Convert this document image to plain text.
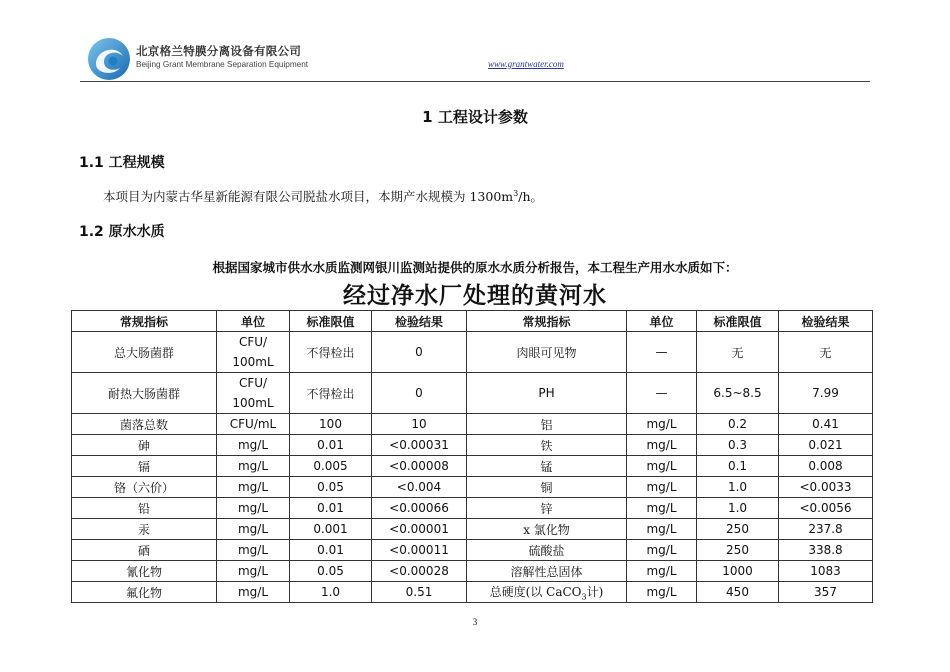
北京格兰特膜分离设备有限公司
Beijing Grant Membrane Separation Equipment	www.grantwater.com
1 工程设计参数
1.1 工程规模
本项目为内蒙古华星新能源有限公司脱盐水项目，本期产水规模为 $1300m^3/h$。
1.2 原水水质
根据国家城市供水水质监测网银川监测站提供的原水水质分析报告，本工程生产用水水质如下：
经过净水厂处理的黄河水
常规指标	单位	标准限值	检验结果	常规指标	单位	标准限值	检验结果
总大肠菌群	CFU/
100mL	不得检出	0	肉眼可见物	—	无	无
耐热大肠菌群	CFU/
100mL	不得检出	0	PH	—	6.5~8.5	7.99
菌落总数	CFU/mL	100	10	铝	mg/L	0.2	0.41
砷	mg/L	0.01	<0.00031	铁	mg/L	0.3	0.021
镉	mg/L	0.005	<0.00008	锰	mg/L	0.1	0.008
铬（六价）	mg/L	0.05	<0.004	铜	mg/L	1.0	<0.0033
铅	mg/L	0.01	<0.00066	锌	mg/L	1.0	<0.0056
汞	mg/L	0.001	<0.00001	x 氯化物	mg/L	250	237.8
硒	mg/L	0.01	<0.00011	硫酸盐	mg/L	250	338.8
氰化物	mg/L	0.05	<0.00028	溶解性总固体	mg/L	1000	1083
氟化物	mg/L	1.0	0.51	总硬度(以 CaCO$_3$计)	mg/L	450	357
3
